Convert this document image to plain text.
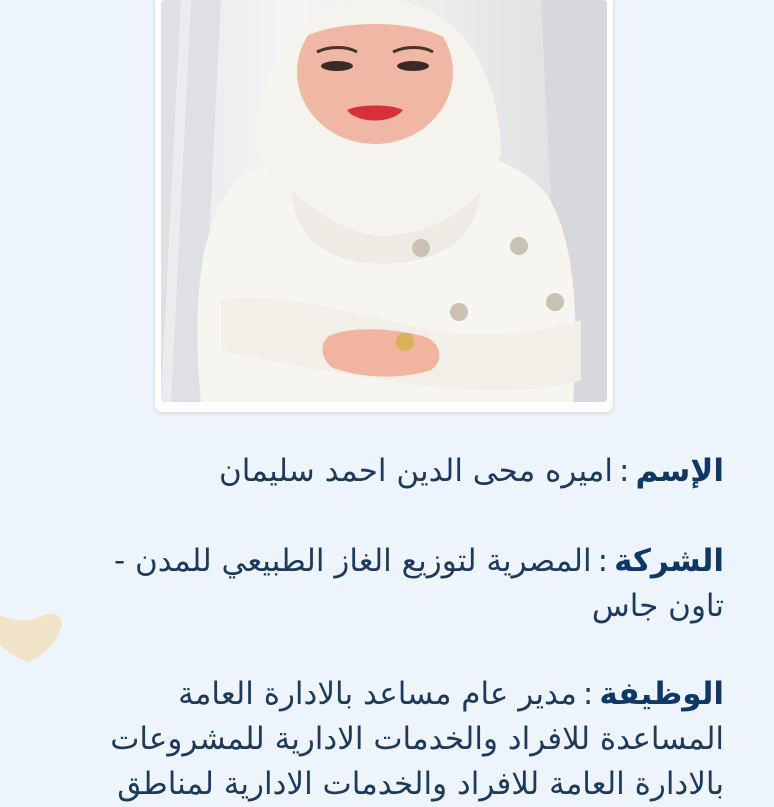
الإسم:اميره محى الدين احمد سليمان
الشركة:المصرية لتوزيع الغاز الطبيعي للمدن -
تاون جاس
الوظيفة:مدير عام مساعد بالادارة العامة
المساعدة للافراد والخدمات الادارية للمشروعات
بالادارة العامة للافراد والخدمات الادارية لمناطق
